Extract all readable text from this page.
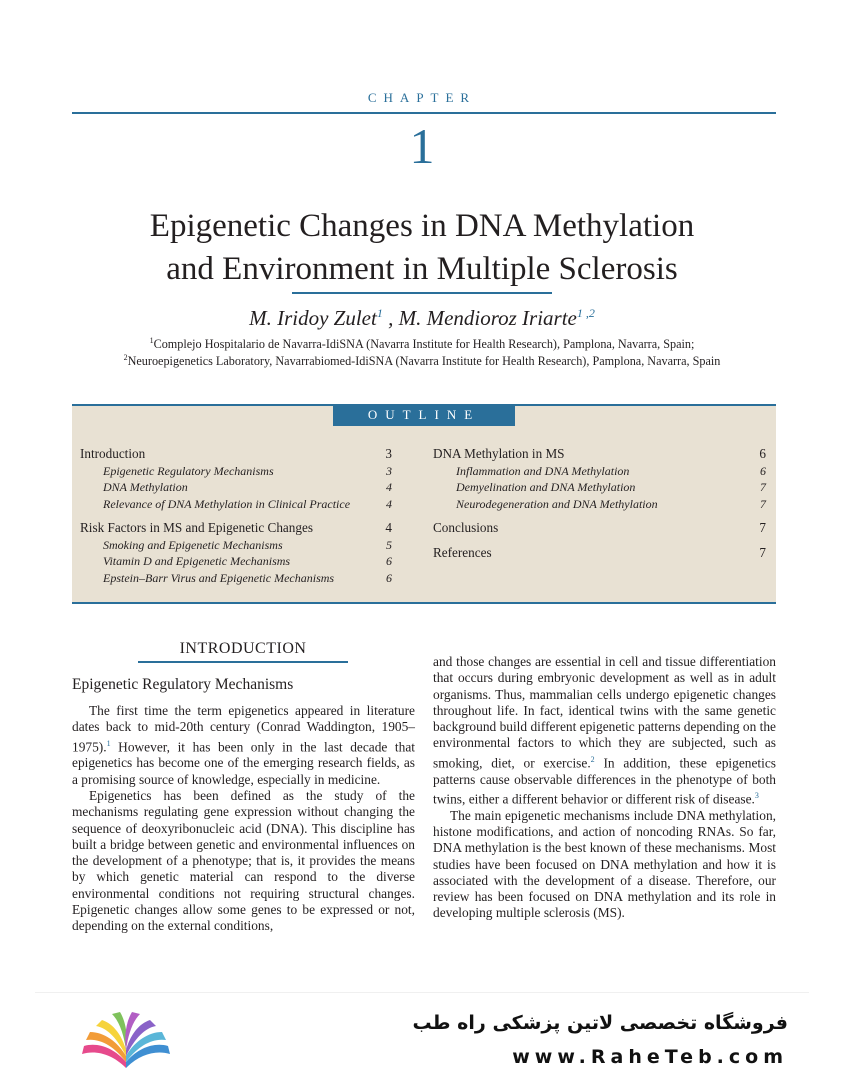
CHAPTER
1
Epigenetic Changes in DNA Methylation
and Environment in Multiple Sclerosis
M. Iridoy Zulet$^1$ , M. Mendioroz Iriarte$^{1 ,2}$
$^1$Complejo Hospitalario de Navarra-IdiSNA (Navarra Institute for Health Research), Pamplona, Navarra, Spain;
$^2$Neuroepigenetics Laboratory, Navarrabiomed-IdiSNA (Navarra Institute for Health Research), Pamplona, Navarra, Spain
OUTLINE
Introduction	3
Epigenetic Regulatory Mechanisms	3
DNA Methylation	4
Relevance of DNA Methylation in Clinical Practice	4
Risk Factors in MS and Epigenetic Changes	4
Smoking and Epigenetic Mechanisms	5
Vitamin D and Epigenetic Mechanisms	6
Epstein–Barr Virus and Epigenetic Mechanisms	6
DNA Methylation in MS	6
Inflammation and DNA Methylation	6
Demyelination and DNA Methylation	7
Neurodegeneration and DNA Methylation	7
Conclusions	7
References	7
INTRODUCTION
Epigenetic Regulatory Mechanisms

The first time the term epigenetics appeared in literature dates back to mid-20th century (Conrad Waddington, 1905–1975).$^1$ However, it has been only in the last decade that epigenetics has become one of the emerging research fields, as a promising source of knowledge, especially in medicine.

Epigenetics has been defined as the study of the mechanisms regulating gene expression without changing the sequence of deoxyribonucleic acid (DNA). This discipline has built a bridge between genetic and environmental influences on the development of a phenotype; that is, it provides the means by which genetic material can respond to the diverse environmental conditions not requiring structural changes. Epigenetic changes allow some genes to be expressed or not, depending on the external conditions,

and those changes are essential in cell and tissue differentiation that occurs during embryonic development as well as in adult organisms. Thus, mammalian cells undergo epigenetic changes throughout life. In fact, identical twins with the same genetic background build different epigenetic patterns depending on the environmental factors to which they are subjected, such as smoking, diet, or exercise.$^2$ In addition, these epigenetics patterns cause observable differences in the phenotype of both twins, either a different behavior or different risk of disease.$^3$

The main epigenetic mechanisms include DNA methylation, histone modifications, and action of noncoding RNAs. So far, DNA methylation is the best known of these mechanisms. Most studies have been focused on DNA methylation and how it is associated with the development of a disease. Therefore, our review has been focused on DNA methylation and its role in developing multiple sclerosis (MS).

فروشگاه تخصصی لاتین پزشکی راه طب
www.RaheTeb.com
